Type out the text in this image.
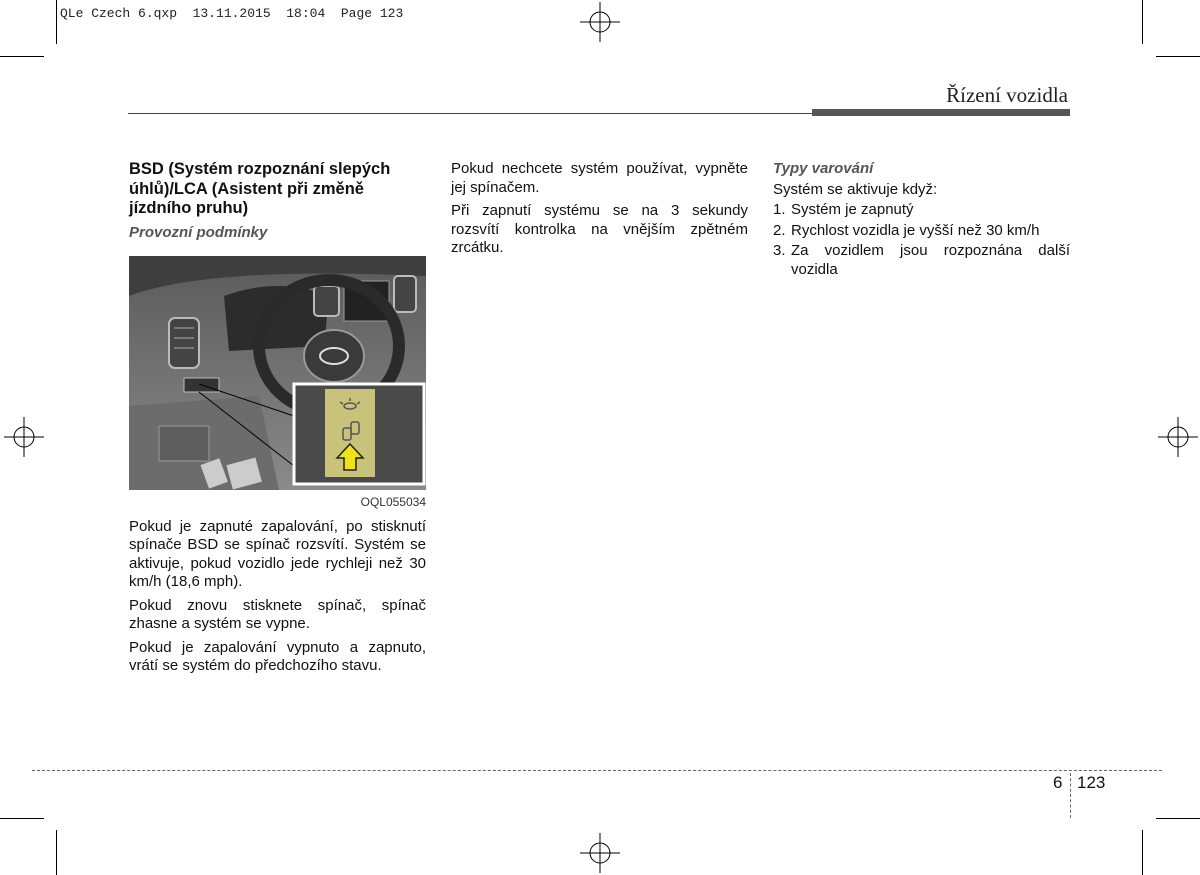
QLe Czech 6.qxp  13.11.2015  18:04  Page 123
Řízení vozidla
BSD (Systém rozpoznání slepých úhlů)/LCA (Asistent při změně jízdního pruhu)
Provozní podmínky
OQL055034

Pokud je zapnuté zapalování, po stisknutí spínače BSD se spínač rozsvítí. Systém se aktivuje, pokud vozidlo jede rychleji než 30 km/h (18,6 mph).

Pokud znovu stisknete spínač, spínač zhasne a systém se vypne.

Pokud je zapalování vypnuto a zapnuto, vrátí se systém do předchozího stavu.

Pokud nechcete systém používat, vypněte jej spínačem.

Při zapnutí systému se na 3 sekundy rozsvítí kontrolka na vnějším zpětném zrcátku.

Typy varování

Systém se aktivuje když:

1. Systém je zapnutý
2. Rychlost vozidla je vyšší než 30 km/h
3. Za vozidlem jsou rozpoznána další vozidla
6 123
